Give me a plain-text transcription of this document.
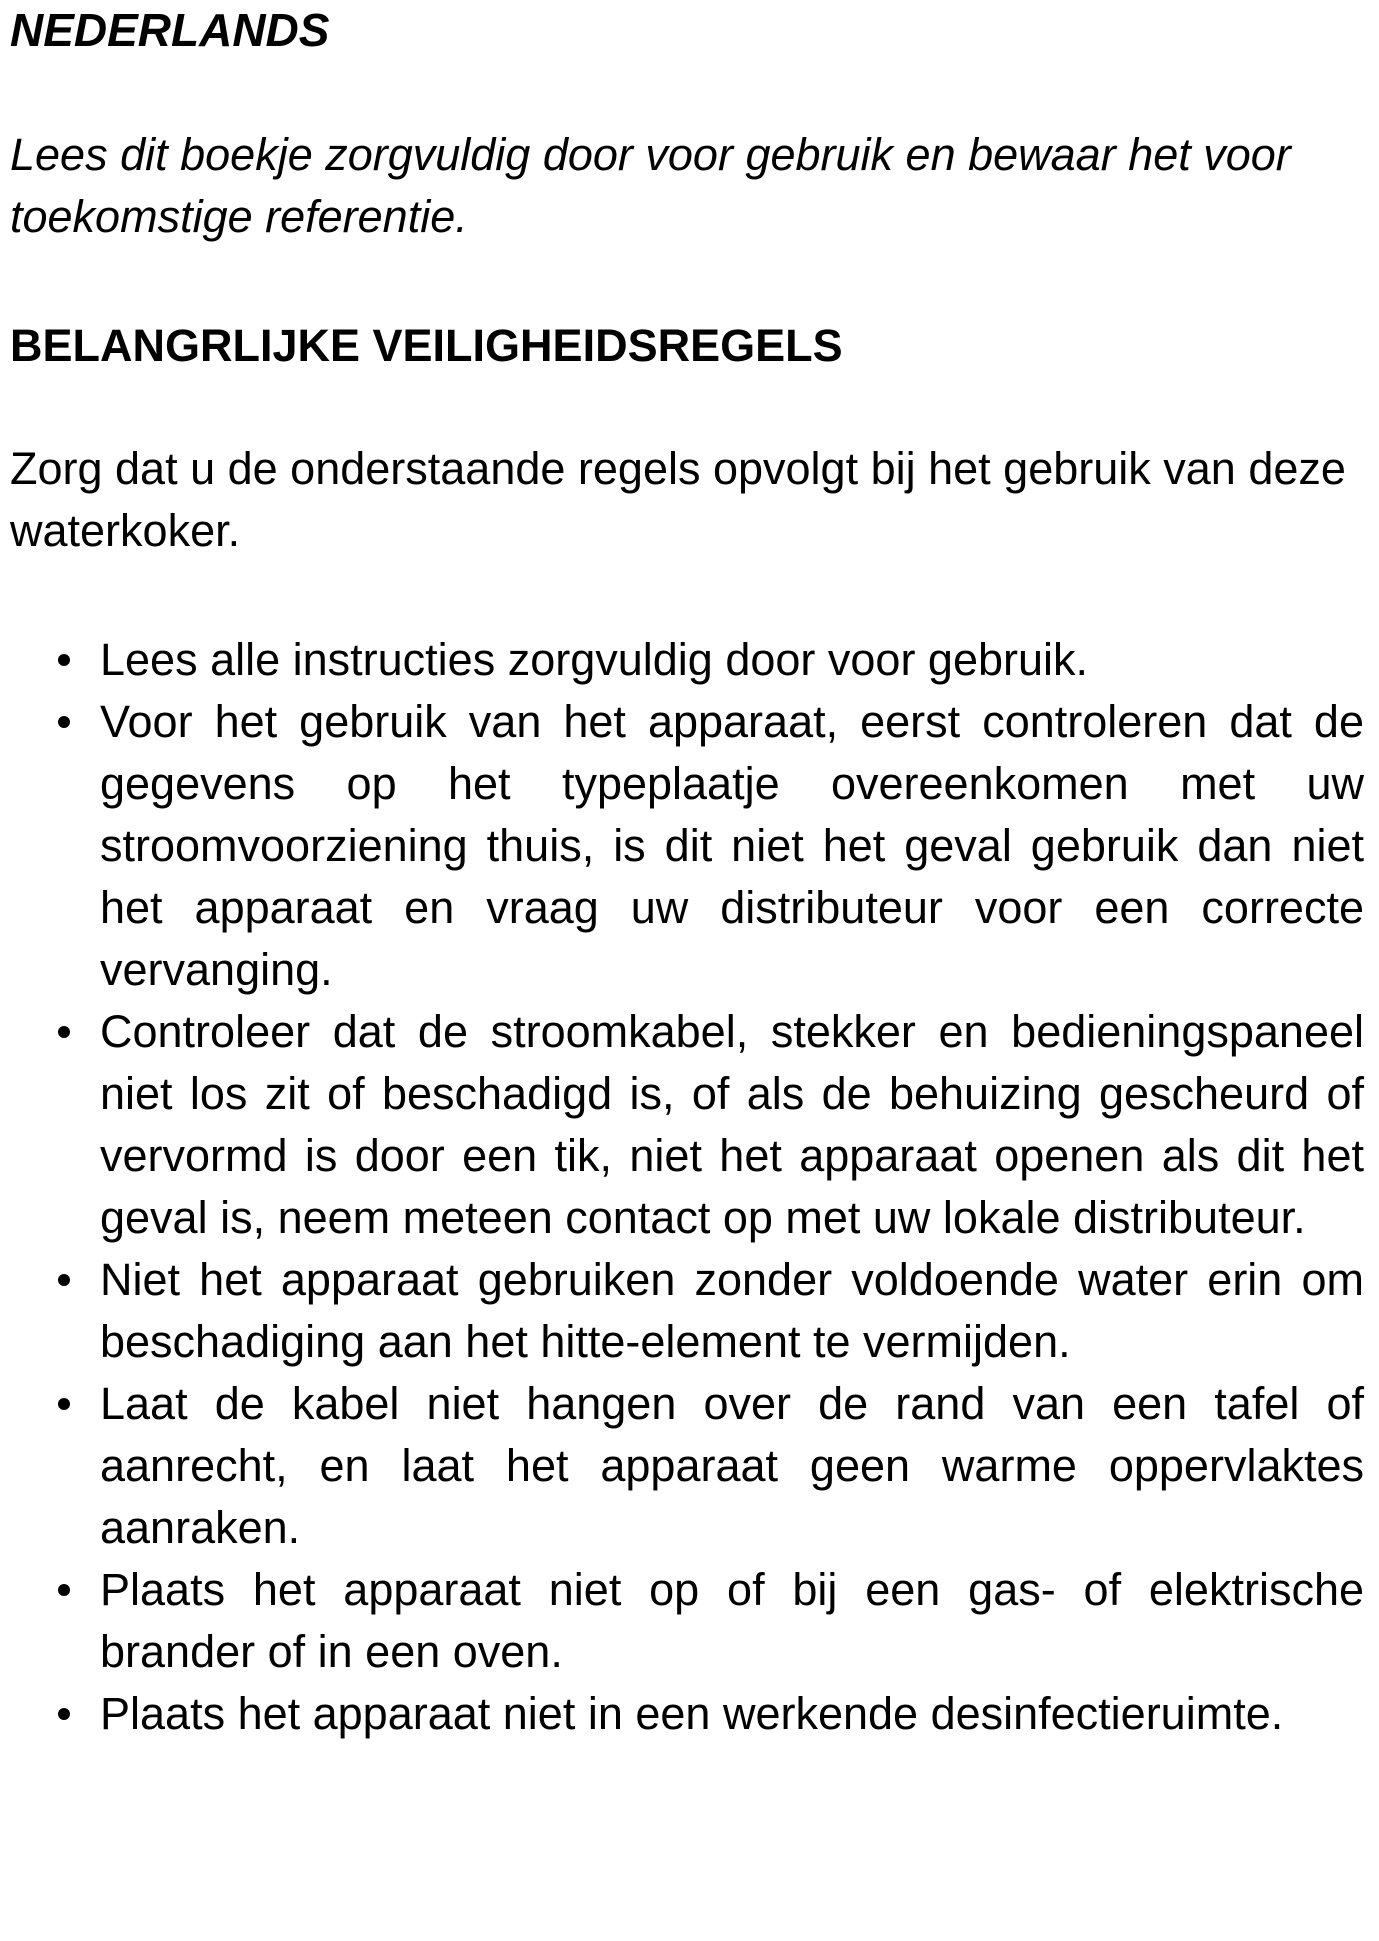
NEDERLANDS

Lees dit boekje zorgvuldig door voor gebruik en bewaar het voor toekomstige referentie.

BELANGRLIJKE VEILIGHEIDSREGELS

Zorg dat u de onderstaande regels opvolgt bij het gebruik van deze waterkoker.

Lees alle instructies zorgvuldig door voor gebruik.
Voor het gebruik van het apparaat, eerst controleren dat de gegevens op het typeplaatje overeenkomen met uw stroomvoorziening thuis, is dit niet het geval gebruik dan niet het apparaat en vraag uw distributeur voor een correcte vervanging.
Controleer dat de stroomkabel, stekker en bedieningspaneel niet los zit of beschadigd is, of als de behuizing gescheurd of vervormd is door een tik, niet het apparaat openen als dit het geval is, neem meteen contact op met uw lokale distributeur.
Niet het apparaat gebruiken zonder voldoende water erin om beschadiging aan het hitte-element te vermijden.
Laat de kabel niet hangen over de rand van een tafel of aanrecht, en laat het apparaat geen warme oppervlaktes aanraken.
Plaats het apparaat niet op of bij een gas- of elektrische brander of in een oven.
Plaats het apparaat niet in een werkende desinfectieruimte.
